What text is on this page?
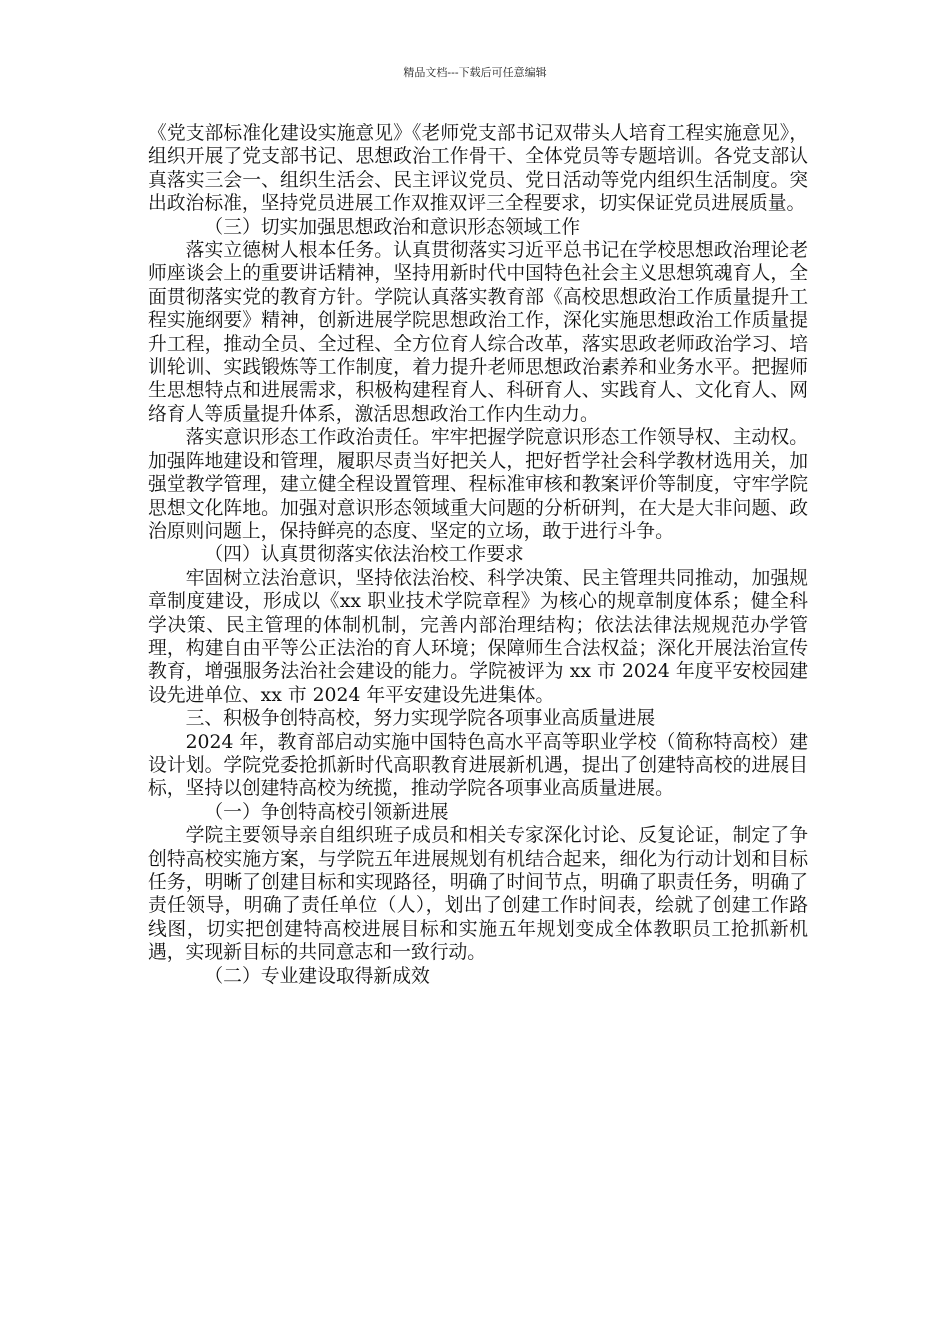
精品文档---下载后可任意编辑

《党支部标准化建设实施意见》《老师党支部书记双带头人培育工程实施意见》，组织开展了党支部书记、思想政治工作骨干、全体党员等专题培训。各党支部认真落实三会一、组织生活会、民主评议党员、党日活动等党内组织生活制度。突出政治标准，坚持党员进展工作双推双评三全程要求，切实保证党员进展质量。

（三）切实加强思想政治和意识形态领域工作

落实立德树人根本任务。认真贯彻落实习近平总书记在学校思想政治理论老师座谈会上的重要讲话精神，坚持用新时代中国特色社会主义思想筑魂育人，全面贯彻落实党的教育方针。学院认真落实教育部《高校思想政治工作质量提升工程实施纲要》精神，创新进展学院思想政治工作，深化实施思想政治工作质量提升工程，推动全员、全过程、全方位育人综合改革，落实思政老师政治学习、培训轮训、实践锻炼等工作制度，着力提升老师思想政治素养和业务水平。把握师生思想特点和进展需求，积极构建程育人、科研育人、实践育人、文化育人、网络育人等质量提升体系，激活思想政治工作内生动力。

落实意识形态工作政治责任。牢牢把握学院意识形态工作领导权、主动权。加强阵地建设和管理，履职尽责当好把关人，把好哲学社会科学教材选用关，加强堂教学管理，建立健全程设置管理、程标准审核和教案评价等制度，守牢学院思想文化阵地。加强对意识形态领域重大问题的分析研判，在大是大非问题、政治原则问题上，保持鲜亮的态度、坚定的立场，敢于进行斗争。

（四）认真贯彻落实依法治校工作要求

牢固树立法治意识，坚持依法治校、科学决策、民主管理共同推动，加强规章制度建设，形成以《xx 职业技术学院章程》为核心的规章制度体系；健全科学决策、民主管理的体制机制，完善内部治理结构；依法法律法规规范办学管理，构建自由平等公正法治的育人环境；保障师生合法权益；深化开展法治宣传教育，增强服务法治社会建设的能力。学院被评为 xx 市 2024 年度平安校园建设先进单位、xx 市 2024 年平安建设先进集体。

三、积极争创特高校，努力实现学院各项事业高质量进展

2024 年，教育部启动实施中国特色高水平高等职业学校（简称特高校）建设计划。学院党委抢抓新时代高职教育进展新机遇，提出了创建特高校的进展目标，坚持以创建特高校为统揽，推动学院各项事业高质量进展。

（一）争创特高校引领新进展

学院主要领导亲自组织班子成员和相关专家深化讨论、反复论证，制定了争创特高校实施方案，与学院五年进展规划有机结合起来，细化为行动计划和目标任务，明晰了创建目标和实现路径，明确了时间节点，明确了职责任务，明确了责任领导，明确了责任单位（人），划出了创建工作时间表，绘就了创建工作路线图，切实把创建特高校进展目标和实施五年规划变成全体教职员工抢抓新机遇，实现新目标的共同意志和一致行动。

（二）专业建设取得新成效
